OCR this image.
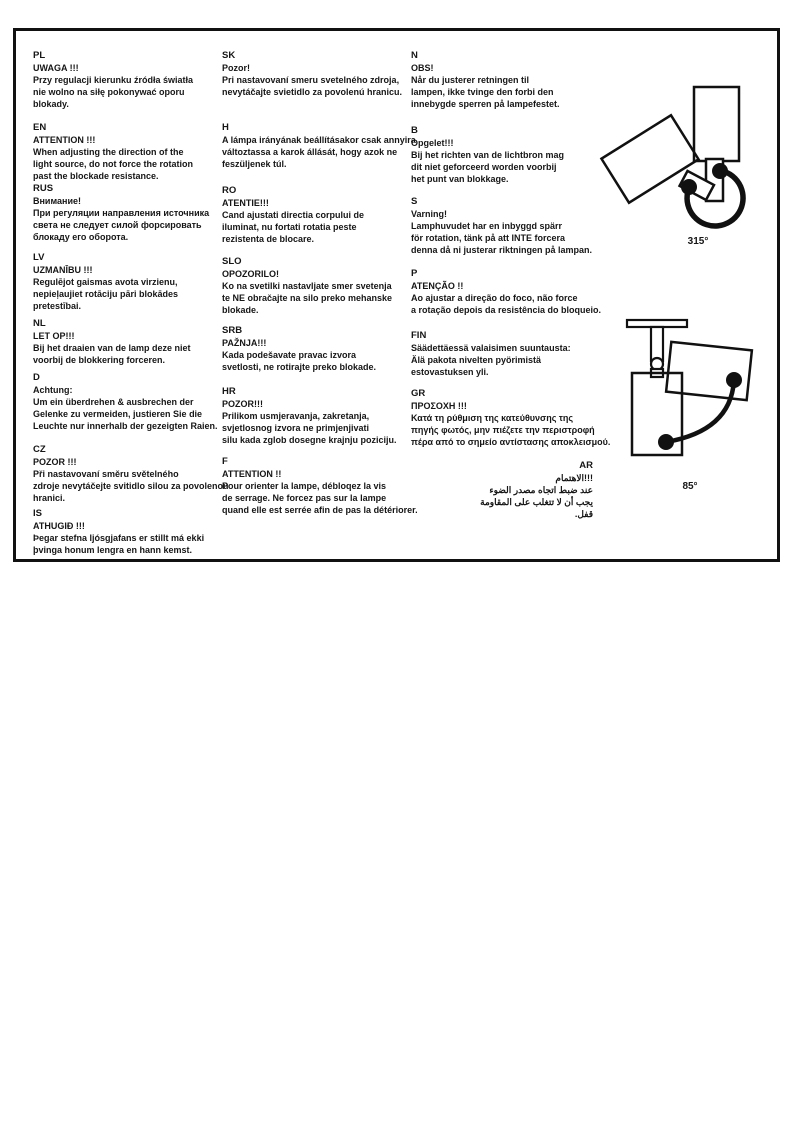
PL
UWAGA !!!
Przy regulacji kierunku źródła światła
nie wolno na siłę pokonywać oporu
blokady.
EN
ATTENTION !!!
When adjusting the direction of the
light source, do not force the rotation
past the blockade resistance.
RUS
Внимание!
При регуляции направления источника
света не следует силой форсировать
блокаду его оборота.
LV
UZMANĪBU !!!
Regulējot gaismas avota virzienu,
nepieļaujiet rotāciju pāri blokādes
pretestībai.
NL
LET OP!!!
Bij het draaien van de lamp deze niet
voorbij de blokkering forceren.
D
Achtung:
Um ein überdrehen & ausbrechen der
Gelenke zu vermeiden, justieren Sie die
Leuchte nur innerhalb der gezeigten Raien.
CZ
POZOR !!!
Při nastavovaní směru světelného
zdroje nevytáčejte svitidlo silou za povolenou
hranici.
IS
ATHUGIÐ !!!
Þegar stefna ljósgjafans er stillt má ekki
þvinga honum lengra en hann kemst.
SK
Pozor!
Pri nastavovaní smeru svetelného zdroja,
nevytáčajte svietidlo za povolenú hranicu.
H
A lámpa irányának beállításakor csak annyira
változtassa a karok állását, hogy azok ne
feszüljenek túl.
RO
ATENTIE!!!
Cand ajustati directia corpului de
iluminat, nu fortati rotatia peste
rezistenta de blocare.
SLO
OPOZORILO!
Ko na svetilki nastavljate smer svetenja
te NE obračajte na silo preko mehanske
blokade.
SRB
PAŽNJA!!!
Kada podešavate pravac izvora
svetlosti, ne rotirajte preko blokade.
HR
POZOR!!!
Prilikom usmjeravanja, zakretanja,
svjetlosnog izvora ne primjenjivati
silu kada zglob dosegne krajnju poziciju.
F
ATTENTION !!
Pour orienter la lampe, débloqez la vis
de serrage. Ne forcez pas sur la lampe
quand elle est serrée afin de pas la détériorer.
N
OBS!
Når du justerer retningen til
lampen, ikke tvinge den forbi den
innebygde sperren på lampefestet.
B
Opgelet!!!
Bij het richten van de lichtbron mag
dit niet geforceerd worden voorbij
het punt van blokkage.
S
Varning!
Lamphuvudet har en inbyggd spärr
för rotation, tänk på att INTE forcera
denna då ni justerar riktningen på lampan.
P
ATENÇÃO !!
Ao ajustar a direção do foco, não force
a rotação depois da resistência do bloqueio.
FIN
Säädettäessä valaisimen suuntausta:
Älä pakota nivelten pyörimistä
estovastuksen yli.
GR
ΠΡΟΣΟΧΗ !!!
Κατά τη ρύθμιση της κατεύθυνσης της
πηγής φωτός, μην πιέζετε την περιστροφή
πέρα από το σημείο αντίστασης αποκλεισμού.
AR
!!!الاهتمام
عند ضبط اتجاه مصدر الضوء
يجب أن لا تتغلب على المقاومة
قفل.
315°
85°
